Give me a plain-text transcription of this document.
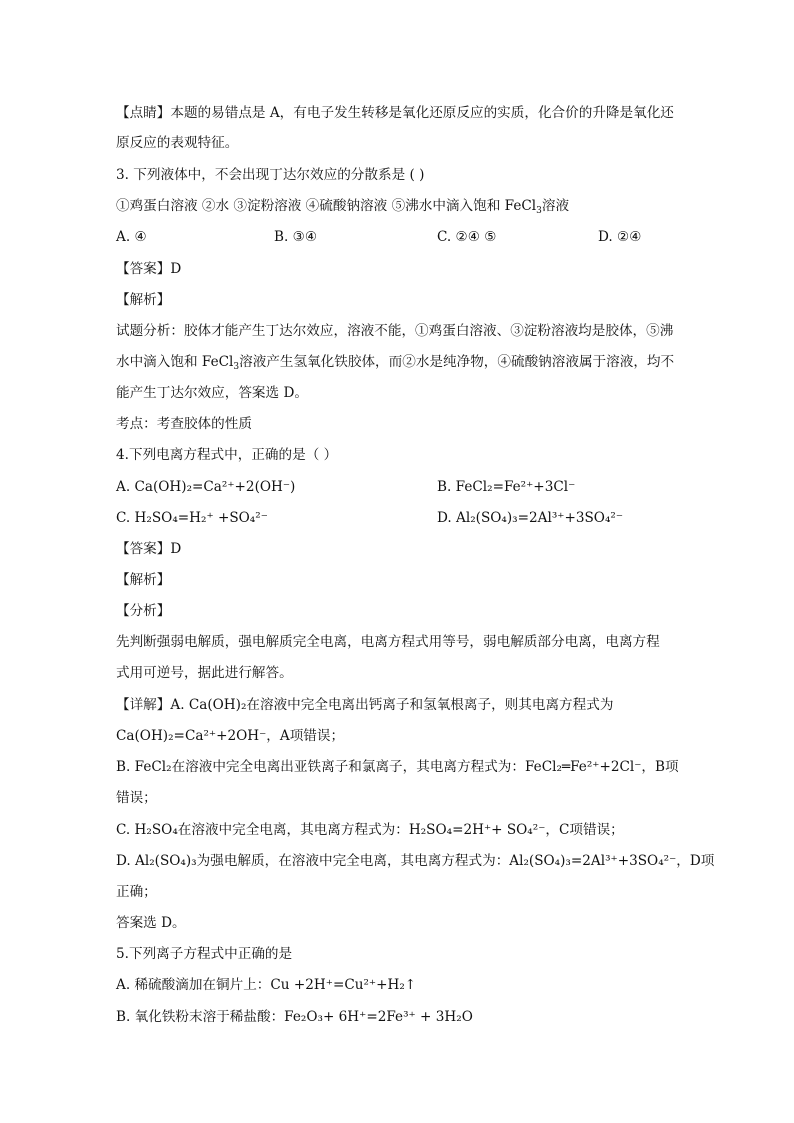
【点睛】本题的易错点是 A，有电子发生转移是氧化还原反应的实质，化合价的升降是氧化还
原反应的表观特征。
3. 下列液体中，不会出现丁达尔效应的分散系是 ( )
①鸡蛋白溶液 ②水 ③淀粉溶液 ④硫酸钠溶液 ⑤沸水中滴入饱和 FeCl$_3$溶液
A. ④	B. ③④	C. ②④ ⑤	D. ②④
【答案】D
【解析】
试题分析：胶体才能产生丁达尔效应，溶液不能，①鸡蛋白溶液、③淀粉溶液均是胶体，⑤沸
水中滴入饱和 FeCl$_3$溶液产生氢氧化铁胶体，而②水是纯净物，④硫酸钠溶液属于溶液，均不
能产生丁达尔效应，答案选 D。
考点：考查胶体的性质
4.下列电离方程式中，正确的是（ ）
A. Ca(OH)₂=Ca²⁺+2(OH⁻)	B. FeCl₂=Fe²⁺+3Cl⁻
C. H₂SO₄=H₂⁺ +SO₄²⁻	D. Al₂(SO₄)₃=2Al³⁺+3SO₄²⁻
【答案】D
【解析】
【分析】
先判断强弱电解质，强电解质完全电离，电离方程式用等号，弱电解质部分电离，电离方程
式用可逆号，据此进行解答。
【详解】A. Ca(OH)₂在溶液中完全电离出钙离子和氢氧根离子，则其电离方程式为
Ca(OH)₂=Ca²⁺+2OH⁻，A项错误；
B. FeCl₂在溶液中完全电离出亚铁离子和氯离子，其电离方程式为：FeCl₂═Fe²⁺+2Cl⁻，B项
错误；
C. H₂SO₄在溶液中完全电离，其电离方程式为：H₂SO₄=2H⁺+ SO₄²⁻，C项错误；
D. Al₂(SO₄)₃为强电解质，在溶液中完全电离，其电离方程式为：Al₂(SO₄)₃=2Al³⁺+3SO₄²⁻，D项
正确；
答案选 D。
5.下列离子方程式中正确的是
A. 稀硫酸滴加在铜片上：Cu +2H⁺=Cu²⁺+H₂↑
B. 氧化铁粉末溶于稀盐酸：Fe₂O₃+ 6H⁺=2Fe³⁺ + 3H₂O
